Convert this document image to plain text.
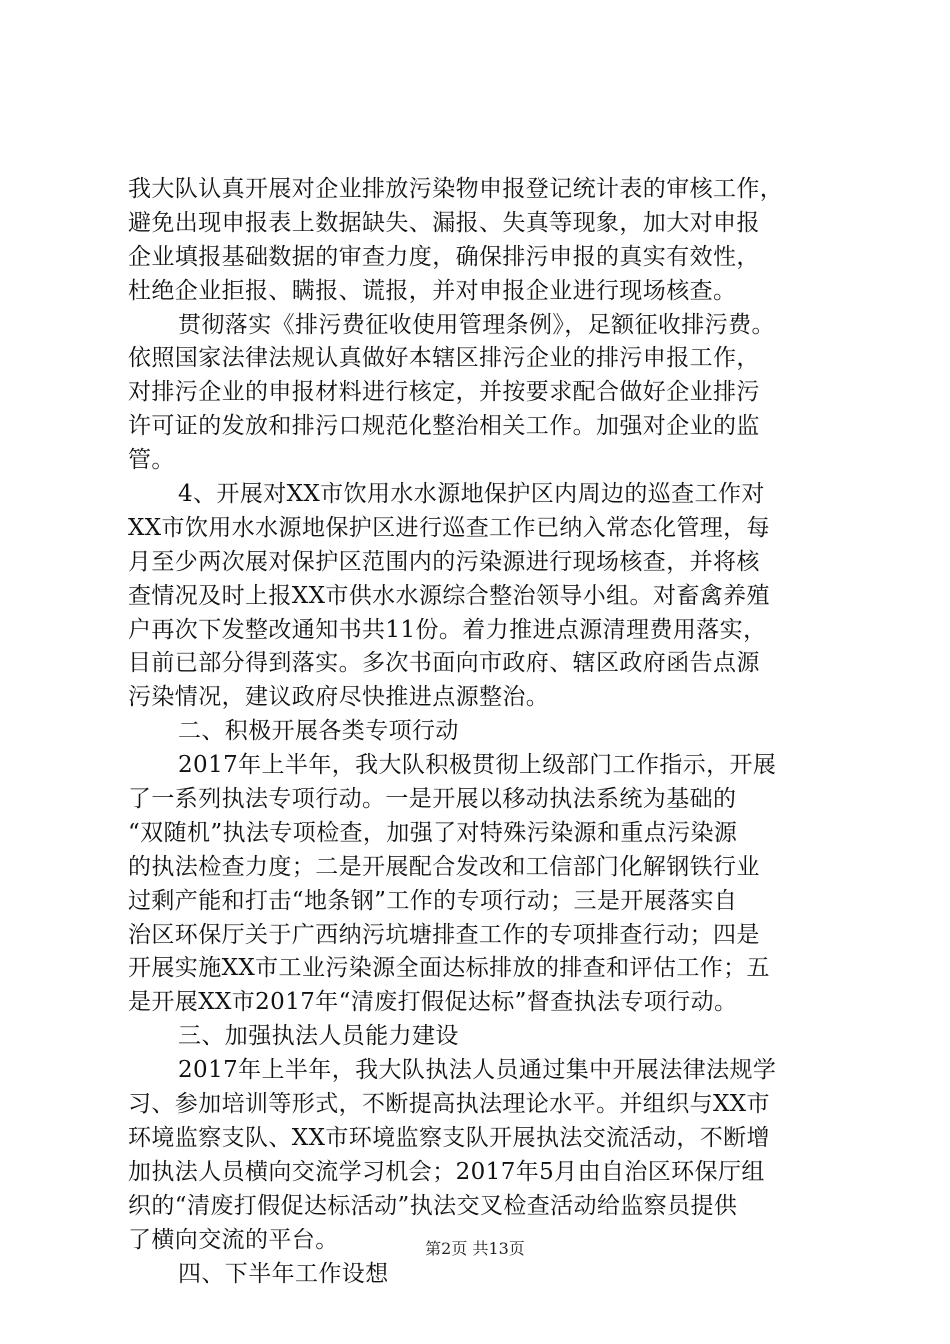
我大队认真开展对企业排放污染物申报登记统计表的审核工作，
避免出现申报表上数据缺失、漏报、失真等现象，加大对申报
企业填报基础数据的审查力度，确保排污申报的真实有效性，
杜绝企业拒报、瞒报、谎报，并对申报企业进行现场核查。
贯彻落实《排污费征收使用管理条例》，足额征收排污费。
依照国家法律法规认真做好本辖区排污企业的排污申报工作，
对排污企业的申报材料进行核定，并按要求配合做好企业排污
许可证的发放和排污口规范化整治相关工作。加强对企业的监
管。
4、开展对XX市饮用水水源地保护区内周边的巡查工作对
XX市饮用水水源地保护区进行巡查工作已纳入常态化管理，每
月至少两次展对保护区范围内的污染源进行现场核查，并将核
查情况及时上报XX市供水水源综合整治领导小组。对畜禽养殖
户再次下发整改通知书共11份。着力推进点源清理费用落实，
目前已部分得到落实。多次书面向市政府、辖区政府函告点源
污染情况，建议政府尽快推进点源整治。
二、积极开展各类专项行动
2017年上半年，我大队积极贯彻上级部门工作指示，开展
了一系列执法专项行动。一是开展以移动执法系统为基础的
“双随机”执法专项检查，加强了对特殊污染源和重点污染源
的执法检查力度；二是开展配合发改和工信部门化解钢铁行业
过剩产能和打击“地条钢”工作的专项行动；三是开展落实自
治区环保厅关于广西纳污坑塘排查工作的专项排查行动；四是
开展实施XX市工业污染源全面达标排放的排查和评估工作；五
是开展XX市2017年“清废打假促达标”督查执法专项行动。
三、加强执法人员能力建设
2017年上半年，我大队执法人员通过集中开展法律法规学
习、参加培训等形式，不断提高执法理论水平。并组织与XX市
环境监察支队、XX市环境监察支队开展执法交流活动，不断增
加执法人员横向交流学习机会；2017年5月由自治区环保厅组
织的“清废打假促达标活动”执法交叉检查活动给监察员提供
了横向交流的平台。
四、下半年工作设想
第2页 共13页
